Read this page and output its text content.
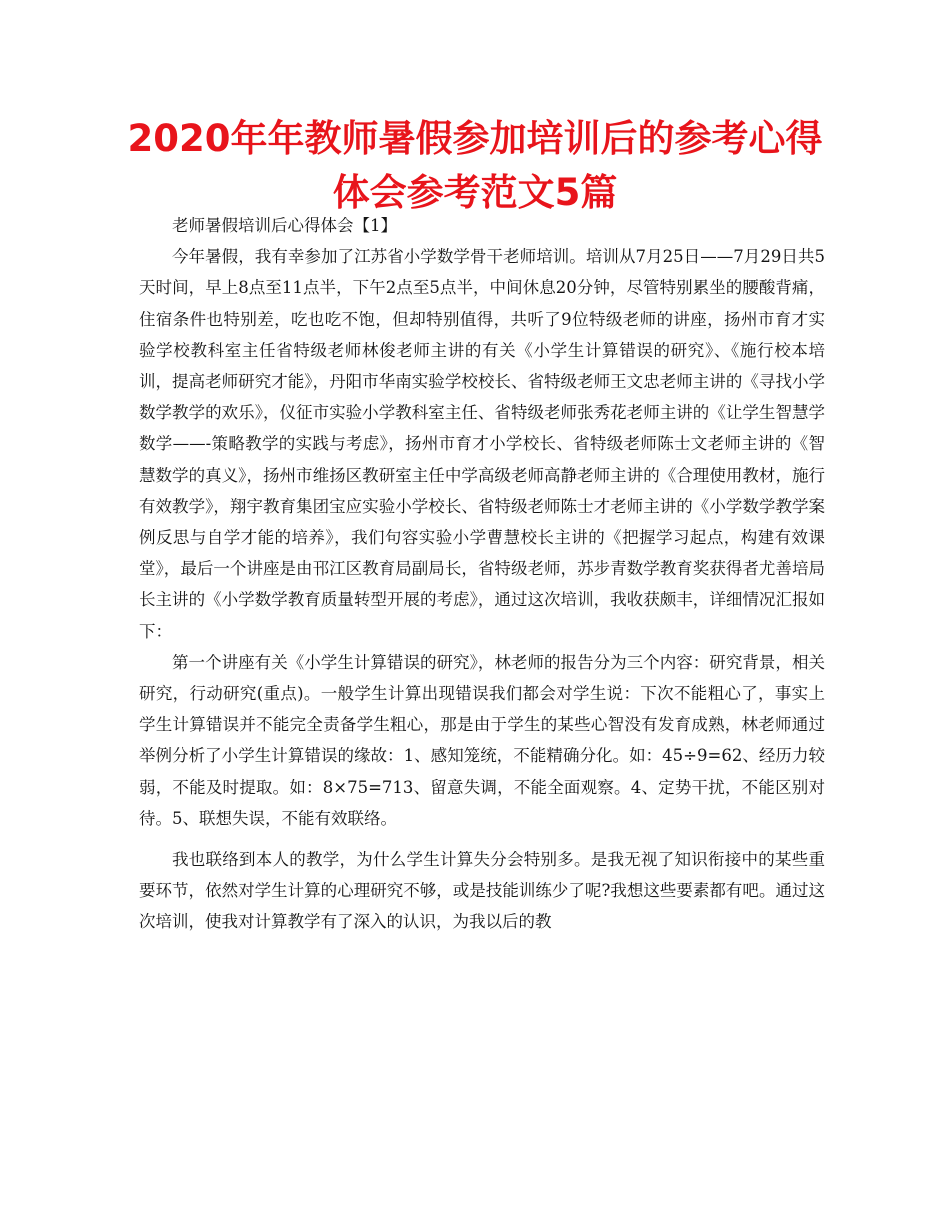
2020年年教师暑假参加培训后的参考心得体会参考范文5篇

老师暑假培训后心得体会【1】

今年暑假，我有幸参加了江苏省小学数学骨干老师培训。培训从7月25日——7月29日共5天时间，早上8点至11点半，下午2点至5点半，中间休息20分钟，尽管特别累坐的腰酸背痛，住宿条件也特别差，吃也吃不饱，但却特别值得，共听了9位特级老师的讲座，扬州市育才实验学校教科室主任省特级老师林俊老师主讲的有关《小学生计算错误的研究》、《施行校本培训，提高老师研究才能》，丹阳市华南实验学校校长、省特级老师王文忠老师主讲的《寻找小学数学教学的欢乐》，仪征市实验小学教科室主任、省特级老师张秀花老师主讲的《让学生智慧学数学——-策略教学的实践与考虑》，扬州市育才小学校长、省特级老师陈士文老师主讲的《智慧数学的真义》，扬州市维扬区教研室主任中学高级老师高静老师主讲的《合理使用教材，施行有效教学》，翔宇教育集团宝应实验小学校长、省特级老师陈士才老师主讲的《小学数学教学案例反思与自学才能的培养》，我们句容实验小学曹慧校长主讲的《把握学习起点，构建有效课堂》，最后一个讲座是由邗江区教育局副局长，省特级老师，苏步青数学教育奖获得者尤善培局长主讲的《小学数学教育质量转型开展的考虑》，通过这次培训，我收获颇丰，详细情况汇报如下：

第一个讲座有关《小学生计算错误的研究》，林老师的报告分为三个内容：研究背景，相关研究，行动研究(重点)。一般学生计算出现错误我们都会对学生说：下次不能粗心了，事实上学生计算错误并不能完全责备学生粗心，那是由于学生的某些心智没有发育成熟，林老师通过举例分析了小学生计算错误的缘故：1、感知笼统，不能精确分化。如：45÷9=62、经历力较弱，不能及时提取。如：8×75=713、留意失调，不能全面观察。4、定势干扰，不能区别对待。5、联想失误，不能有效联络。

我也联络到本人的教学，为什么学生计算失分会特别多。是我无视了知识衔接中的某些重要环节，依然对学生计算的心理研究不够，或是技能训练少了呢?我想这些要素都有吧。通过这次培训，使我对计算教学有了深入的认识，为我以后的教
